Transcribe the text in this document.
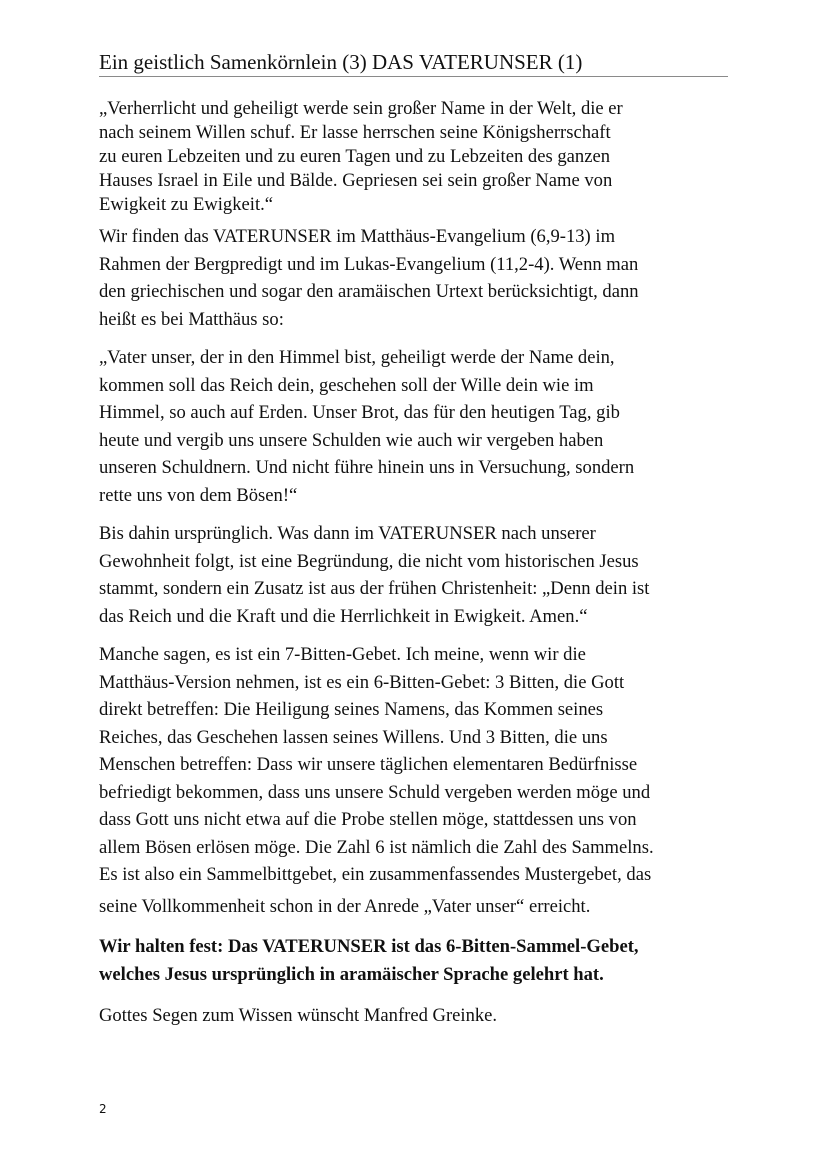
Ein geistlich Samenkörnlein (3) DAS VATERUNSER (1)

„Verherrlicht und geheiligt werde sein großer Name in der Welt, die er
nach seinem Willen schuf. Er lasse herrschen seine Königsherrschaft
zu euren Lebzeiten und zu euren Tagen und zu Lebzeiten des ganzen
Hauses Israel in Eile und Bälde. Gepriesen sei sein großer Name von
Ewigkeit zu Ewigkeit.“

Wir finden das VATERUNSER im Matthäus-Evangelium (6,9-13) im
Rahmen der Bergpredigt und im Lukas-Evangelium (11,2-4). Wenn man
den griechischen und sogar den aramäischen Urtext berücksichtigt, dann
heißt es bei Matthäus so:

„Vater unser, der in den Himmel bist, geheiligt werde der Name dein,
kommen soll das Reich dein, geschehen soll der Wille dein wie im
Himmel, so auch auf Erden. Unser Brot, das für den heutigen Tag, gib
heute und vergib uns unsere Schulden wie auch wir vergeben haben
unseren Schuldnern. Und nicht führe hinein uns in Versuchung, sondern
rette uns von dem Bösen!“

Bis dahin ursprünglich. Was dann im VATERUNSER nach unserer
Gewohnheit folgt, ist eine Begründung, die nicht vom historischen Jesus
stammt, sondern ein Zusatz ist aus der frühen Christenheit: „Denn dein ist
das Reich und die Kraft und die Herrlichkeit in Ewigkeit. Amen.“

Manche sagen, es ist ein 7-Bitten-Gebet. Ich meine, wenn wir die
Matthäus-Version nehmen, ist es ein 6-Bitten-Gebet: 3 Bitten, die Gott
direkt betreffen: Die Heiligung seines Namens, das Kommen seines
Reiches, das Geschehen lassen seines Willens. Und 3 Bitten, die uns
Menschen betreffen: Dass wir unsere täglichen elementaren Bedürfnisse
befriedigt bekommen, dass uns unsere Schuld vergeben werden möge und
dass Gott uns nicht etwa auf die Probe stellen möge, stattdessen uns von
allem Bösen erlösen möge. Die Zahl 6 ist nämlich die Zahl des Sammelns.
Es ist also ein Sammelbittgebet, ein zusammenfassendes Mustergebet, das
seine Vollkommenheit schon in der Anrede „Vater unser“ erreicht.

Wir halten fest: Das VATERUNSER ist das 6-Bitten-Sammel-Gebet,
welches Jesus ursprünglich in aramäischer Sprache gelehrt hat.

Gottes Segen zum Wissen wünscht Manfred Greinke.

2
